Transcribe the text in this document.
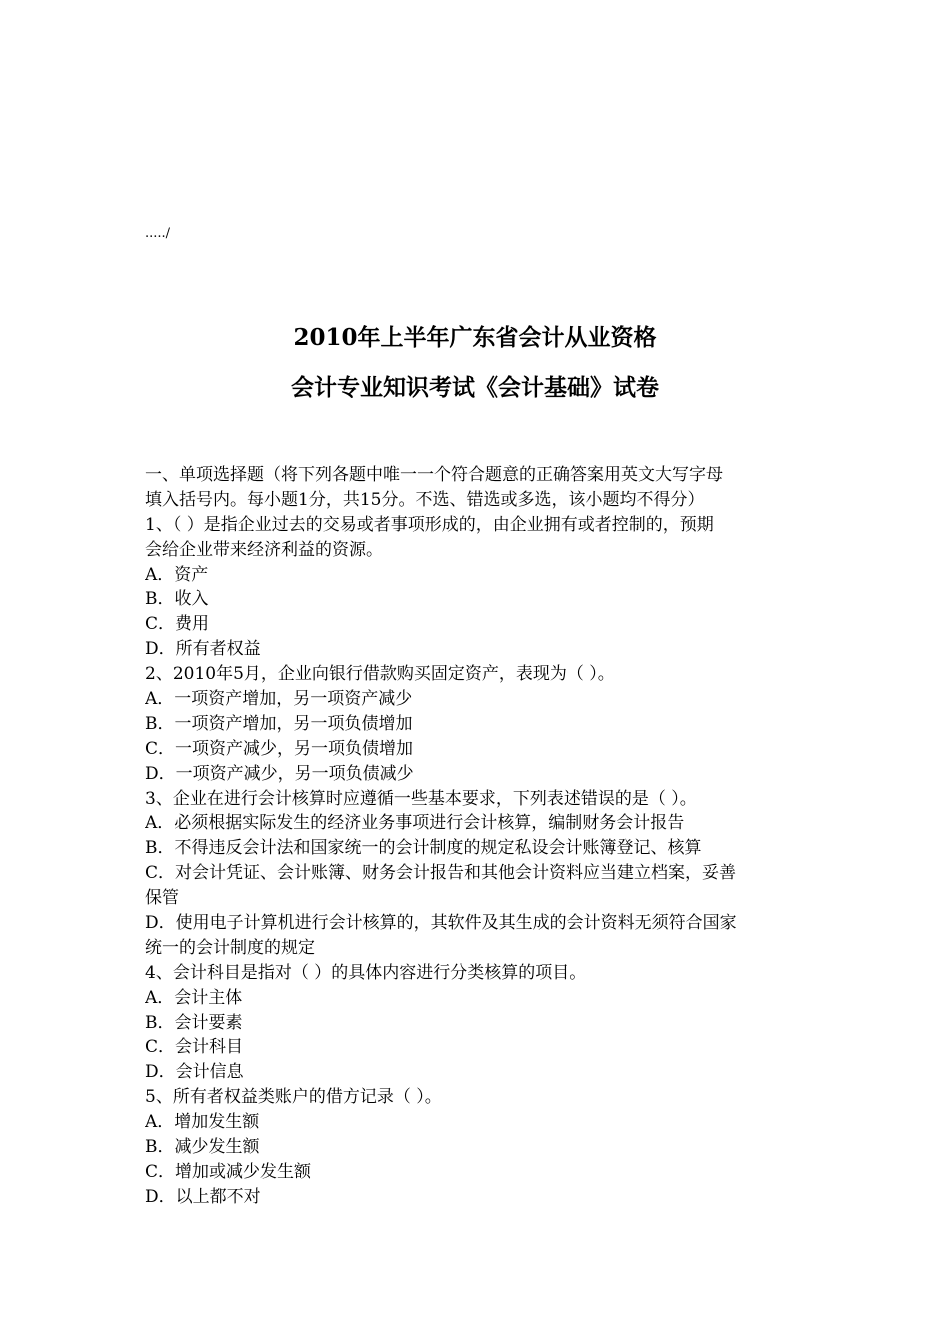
...../
2010年上半年广东省会计从业资格
会计专业知识考试《会计基础》试卷
一、单项选择题（将下列各题中唯一一个符合题意的正确答案用英文大写字母
填入括号内。每小题1分，共15分。不选、错选或多选，该小题均不得分）
1、（ ）是指企业过去的交易或者事项形成的，由企业拥有或者控制的，预期
会给企业带来经济利益的资源。
A．资产
B．收入
C．费用
D．所有者权益
2、2010年5月，企业向银行借款购买固定资产，表现为（ ）。
A．一项资产增加，另一项资产减少
B．一项资产增加，另一项负债增加
C．一项资产减少，另一项负债增加
D．一项资产减少，另一项负债减少
3、企业在进行会计核算时应遵循一些基本要求，下列表述错误的是（ ）。
A．必须根据实际发生的经济业务事项进行会计核算，编制财务会计报告
B．不得违反会计法和国家统一的会计制度的规定私设会计账簿登记、核算
C．对会计凭证、会计账簿、财务会计报告和其他会计资料应当建立档案，妥善
保管
D．使用电子计算机进行会计核算的，其软件及其生成的会计资料无须符合国家
统一的会计制度的规定
4、会计科目是指对（ ）的具体内容进行分类核算的项目。
A．会计主体
B．会计要素
C．会计科目
D．会计信息
5、所有者权益类账户的借方记录（ ）。
A．增加发生额
B．减少发生额
C．增加或减少发生额
D．以上都不对
